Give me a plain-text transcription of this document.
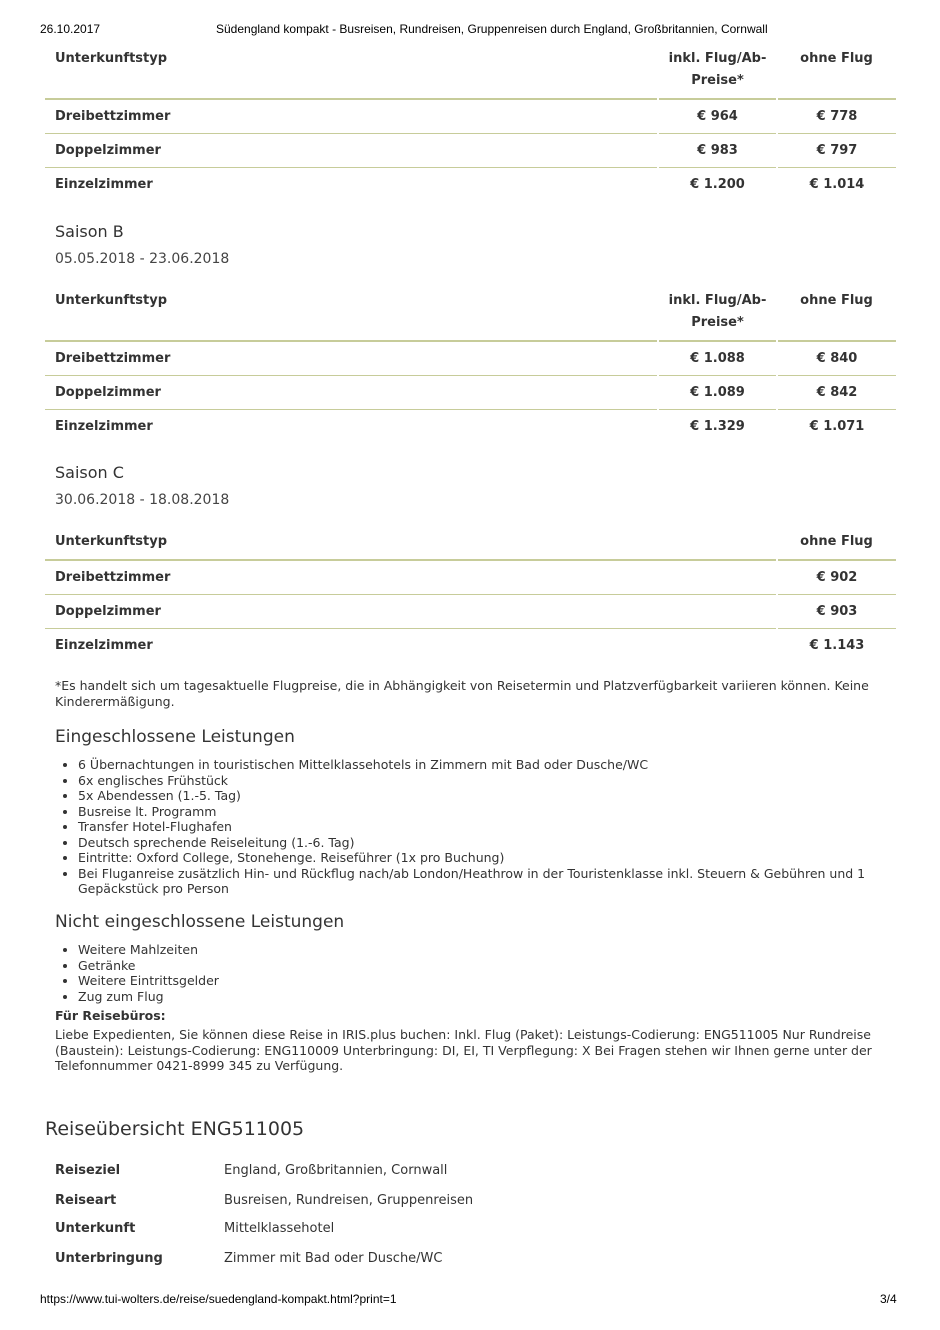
26.10.2017	Südengland kompakt - Busreisen, Rundreisen, Gruppenreisen durch England, Großbritannien, Cornwall
Unterkunftstyp	inkl. Flug/Ab-Preise*	ohne Flug
Dreibettzimmer	€ 964	€ 778
Doppelzimmer	€ 983	€ 797
Einzelzimmer	€ 1.200	€ 1.014
Saison B
05.05.2018 - 23.06.2018
Unterkunftstyp	inkl. Flug/Ab-Preise*	ohne Flug
Dreibettzimmer	€ 1.088	€ 840
Doppelzimmer	€ 1.089	€ 842
Einzelzimmer	€ 1.329	€ 1.071
Saison C
30.06.2018 - 18.08.2018
Unterkunftstyp	ohne Flug
Dreibettzimmer	€ 902
Doppelzimmer	€ 903
Einzelzimmer	€ 1.143
*Es handelt sich um tagesaktuelle Flugpreise, die in Abhängigkeit von Reisetermin und Platzverfügbarkeit variieren können. Keine Kinderermäßigung.
Eingeschlossene Leistungen
• 6 Übernachtungen in touristischen Mittelklassehotels in Zimmern mit Bad oder Dusche/WC
• 6x englisches Frühstück
• 5x Abendessen (1.-5. Tag)
• Busreise lt. Programm
• Transfer Hotel-Flughafen
• Deutsch sprechende Reiseleitung (1.-6. Tag)
• Eintritte: Oxford College, Stonehenge. Reiseführer (1x pro Buchung)
• Bei Fluganreise zusätzlich Hin- und Rückflug nach/ab London/Heathrow in der Touristenklasse inkl. Steuern & Gebühren und 1 Gepäckstück pro Person
Nicht eingeschlossene Leistungen
• Weitere Mahlzeiten
• Getränke
• Weitere Eintrittsgelder
• Zug zum Flug
Für Reisebüros:
Liebe Expedienten, Sie können diese Reise in IRIS.plus buchen: Inkl. Flug (Paket): Leistungs-Codierung: ENG511005 Nur Rundreise (Baustein): Leistungs-Codierung: ENG110009 Unterbringung: DI, EI, TI Verpflegung: X Bei Fragen stehen wir Ihnen gerne unter der Telefonnummer 0421-8999 345 zu Verfügung.
Reiseübersicht ENG511005
Reiseziel	England, Großbritannien, Cornwall
Reiseart	Busreisen, Rundreisen, Gruppenreisen
Unterkunft	Mittelklassehotel
Unterbringung	Zimmer mit Bad oder Dusche/WC
https://www.tui-wolters.de/reise/suedengland-kompakt.html?print=1	3/4
